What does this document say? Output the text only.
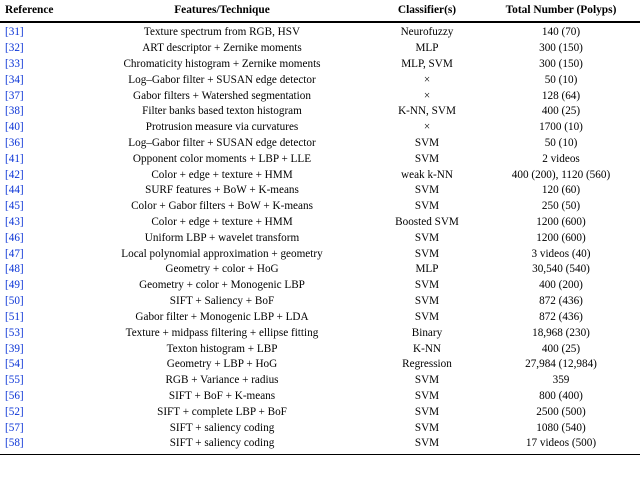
Reference	Features/Technique	Classifier(s)	Total Number (Polyps)

[31]	Texture spectrum from RGB, HSV	Neurofuzzy	140 (70)
[32]	ART descriptor + Zernike moments	MLP	300 (150)
[33]	Chromaticity histogram + Zernike moments	MLP, SVM	300 (150)
[34]	Log–Gabor filter + SUSAN edge detector	×	50 (10)
[37]	Gabor filters + Watershed segmentation	×	128 (64)
[38]	Filter banks based texton histogram	K-NN, SVM	400 (25)
[40]	Protrusion measure via curvatures	×	1700 (10)
[36]	Log–Gabor filter + SUSAN edge detector	SVM	50 (10)
[41]	Opponent color moments + LBP + LLE	SVM	2 videos
[42]	Color + edge + texture + HMM	weak k-NN	400 (200), 1120 (560)
[44]	SURF features + BoW + K-means	SVM	120 (60)
[45]	Color + Gabor filters + BoW + K-means	SVM	250 (50)
[43]	Color + edge + texture + HMM	Boosted SVM	1200 (600)
[46]	Uniform LBP + wavelet transform	SVM	1200 (600)
[47]	Local polynomial approximation + geometry	SVM	3 videos (40)
[48]	Geometry + color + HoG	MLP	30,540 (540)
[49]	Geometry + color + Monogenic LBP	SVM	400 (200)
[50]	SIFT + Saliency + BoF	SVM	872 (436)
[51]	Gabor filter + Monogenic LBP + LDA	SVM	872 (436)
[53]	Texture + midpass filtering + ellipse fitting	Binary	18,968 (230)
[39]	Texton histogram + LBP	K-NN	400 (25)
[54]	Geometry + LBP + HoG	Regression	27,984 (12,984)
[55]	RGB + Variance + radius	SVM	359
[56]	SIFT + BoF + K-means	SVM	800 (400)
[52]	SIFT + complete LBP + BoF	SVM	2500 (500)
[57]	SIFT + saliency coding	SVM	1080 (540)
[58]	SIFT + saliency coding	SVM	17 videos (500)
